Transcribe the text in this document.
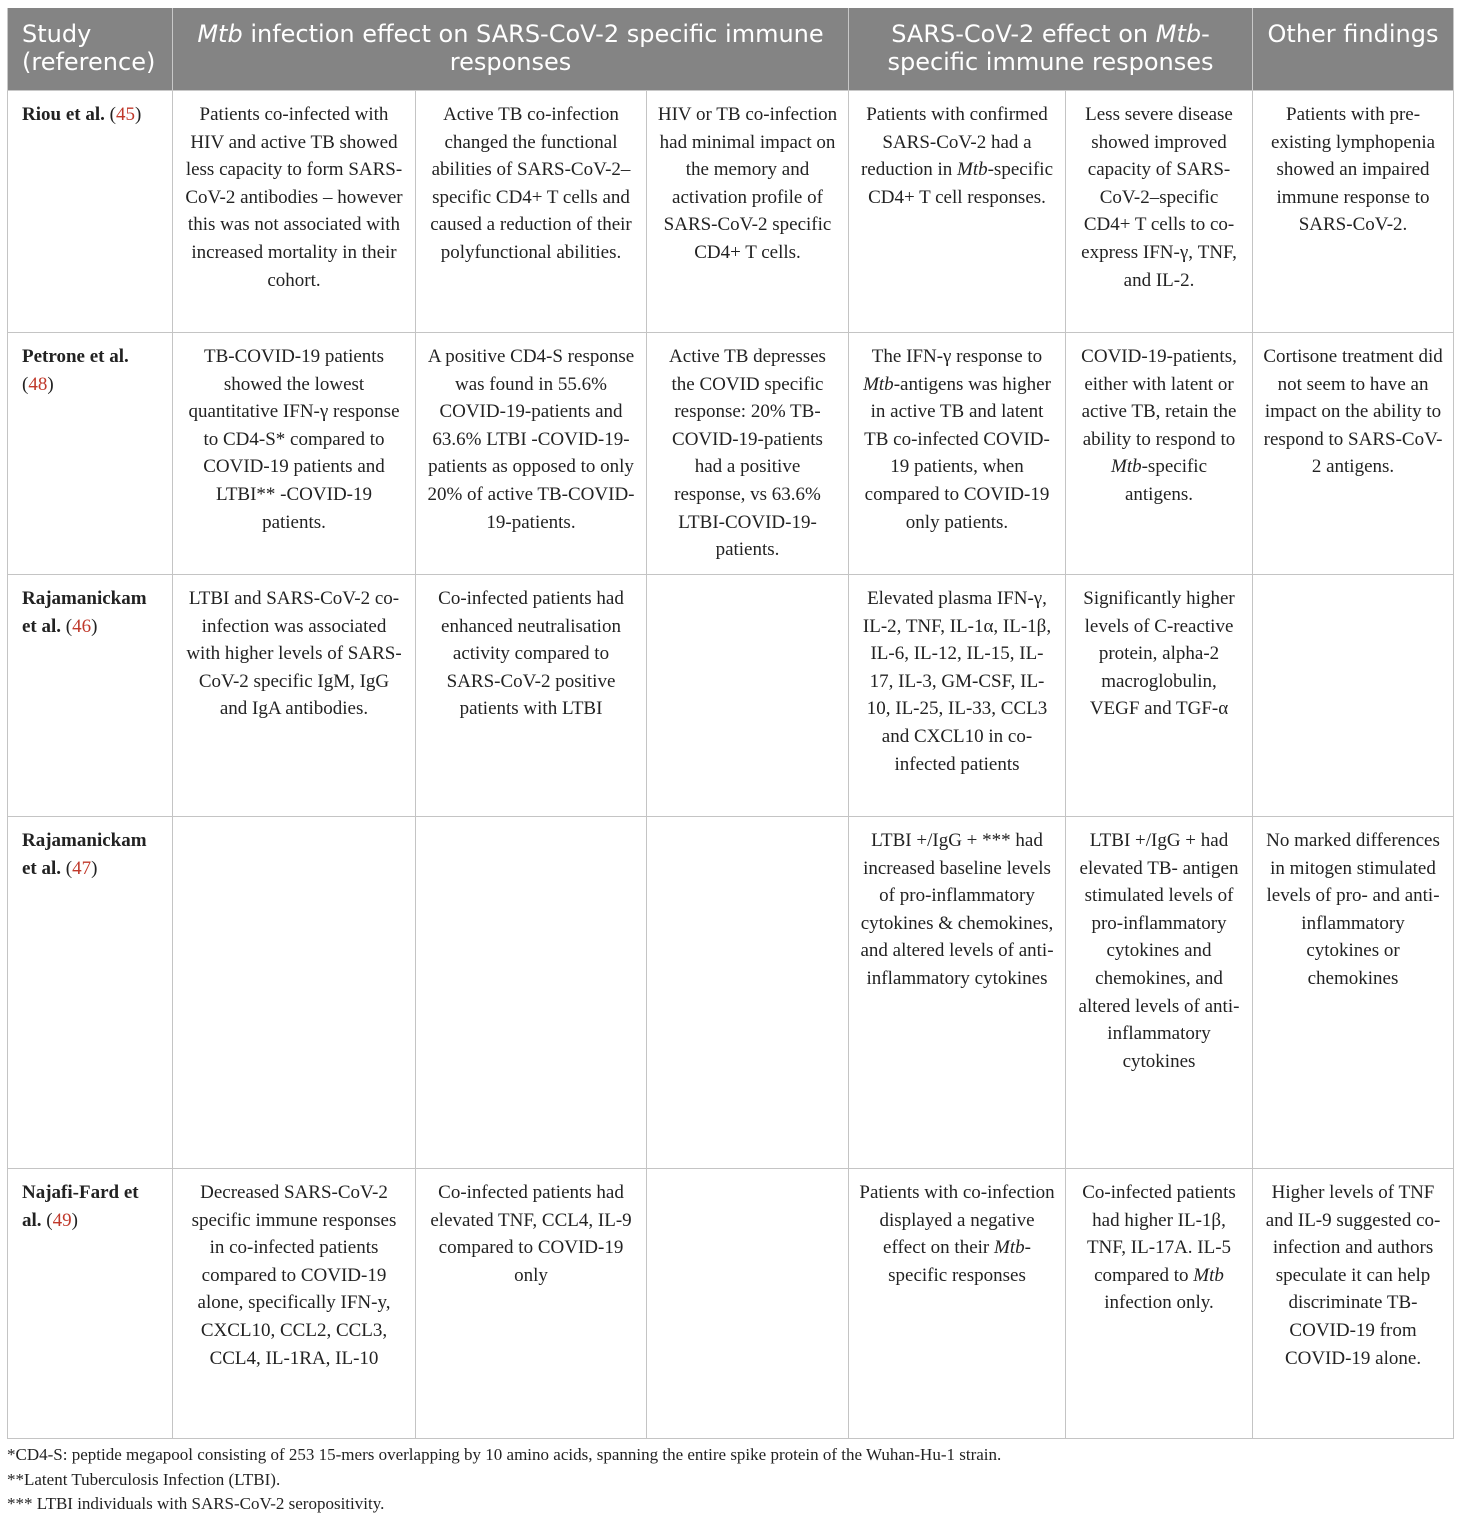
Study (reference)	Mtb infection effect on SARS-CoV-2 specific immune responses			SARS-CoV-2 effect on Mtb-specific immune responses		Other findings
Riou et al. (45)	Patients co-infected with HIV and active TB showed less capacity to form SARS-CoV-2 antibodies – however this was not associated with increased mortality in their cohort.	Active TB co-infection changed the functional abilities of SARS-CoV-2–specific CD4+ T cells and caused a reduction of their polyfunctional abilities.	HIV or TB co-infection had minimal impact on the memory and activation profile of SARS-CoV-2 specific CD4+ T cells.	Patients with confirmed SARS-CoV-2 had a reduction in Mtb-specific CD4+ T cell responses.	Less severe disease showed improved capacity of SARS-CoV-2–specific CD4+ T cells to co-express IFN-γ, TNF, and IL-2.	Patients with pre-existing lymphopenia showed an impaired immune response to SARS-CoV-2.
Petrone et al. (48)	TB-COVID-19 patients showed the lowest quantitative IFN-γ response to CD4-S* compared to COVID-19 patients and LTBI** -COVID-19 patients.	A positive CD4-S response was found in 55.6% COVID-19-patients and 63.6% LTBI -COVID-19-patients as opposed to only 20% of active TB-COVID-19-patients.	Active TB depresses the COVID specific response: 20% TB-COVID-19-patients had a positive response, vs 63.6% LTBI-COVID-19-patients.	The IFN-γ response to Mtb-antigens was higher in active TB and latent TB co-infected COVID-19 patients, when compared to COVID-19 only patients.	COVID-19-patients, either with latent or active TB, retain the ability to respond to Mtb-specific antigens.	Cortisone treatment did not seem to have an impact on the ability to respond to SARS-CoV-2 antigens.
Rajamanickam et al. (46)	LTBI and SARS-CoV-2 co-infection was associated with higher levels of SARS-CoV-2 specific IgM, IgG and IgA antibodies.	Co-infected patients had enhanced neutralisation activity compared to SARS-CoV-2 positive patients with LTBI		Elevated plasma IFN-γ, IL-2, TNF, IL-1α, IL-1β, IL-6, IL-12, IL-15, IL-17, IL-3, GM-CSF, IL-10, IL-25, IL-33, CCL3 and CXCL10 in co-infected patients	Significantly higher levels of C-reactive protein, alpha-2 macroglobulin, VEGF and TGF-α	
Rajamanickam et al. (47)				LTBI +/IgG + *** had increased baseline levels of pro-inflammatory cytokines & chemokines, and altered levels of anti-inflammatory cytokines	LTBI +/IgG + had elevated TB- antigen stimulated levels of pro-inflammatory cytokines and chemokines, and altered levels of anti-inflammatory cytokines	No marked differences in mitogen stimulated levels of pro- and anti- inflammatory cytokines or chemokines
Najafi-Fard et al. (49)	Decreased SARS-CoV-2 specific immune responses in co-infected patients compared to COVID-19 alone, specifically IFN-y, CXCL10, CCL2, CCL3, CCL4, IL-1RA, IL-10	Co-infected patients had elevated TNF, CCL4, IL-9 compared to COVID-19 only		Patients with co-infection displayed a negative effect on their Mtb-specific responses	Co-infected patients had higher IL-1β, TNF, IL-17A. IL-5 compared to Mtb infection only.	Higher levels of TNF and IL-9 suggested co-infection and authors speculate it can help discriminate TB-COVID-19 from COVID-19 alone.
*CD4-S: peptide megapool consisting of 253 15-mers overlapping by 10 amino acids, spanning the entire spike protein of the Wuhan-Hu-1 strain.
**Latent Tuberculosis Infection (LTBI).
*** LTBI individuals with SARS-CoV-2 seropositivity.
